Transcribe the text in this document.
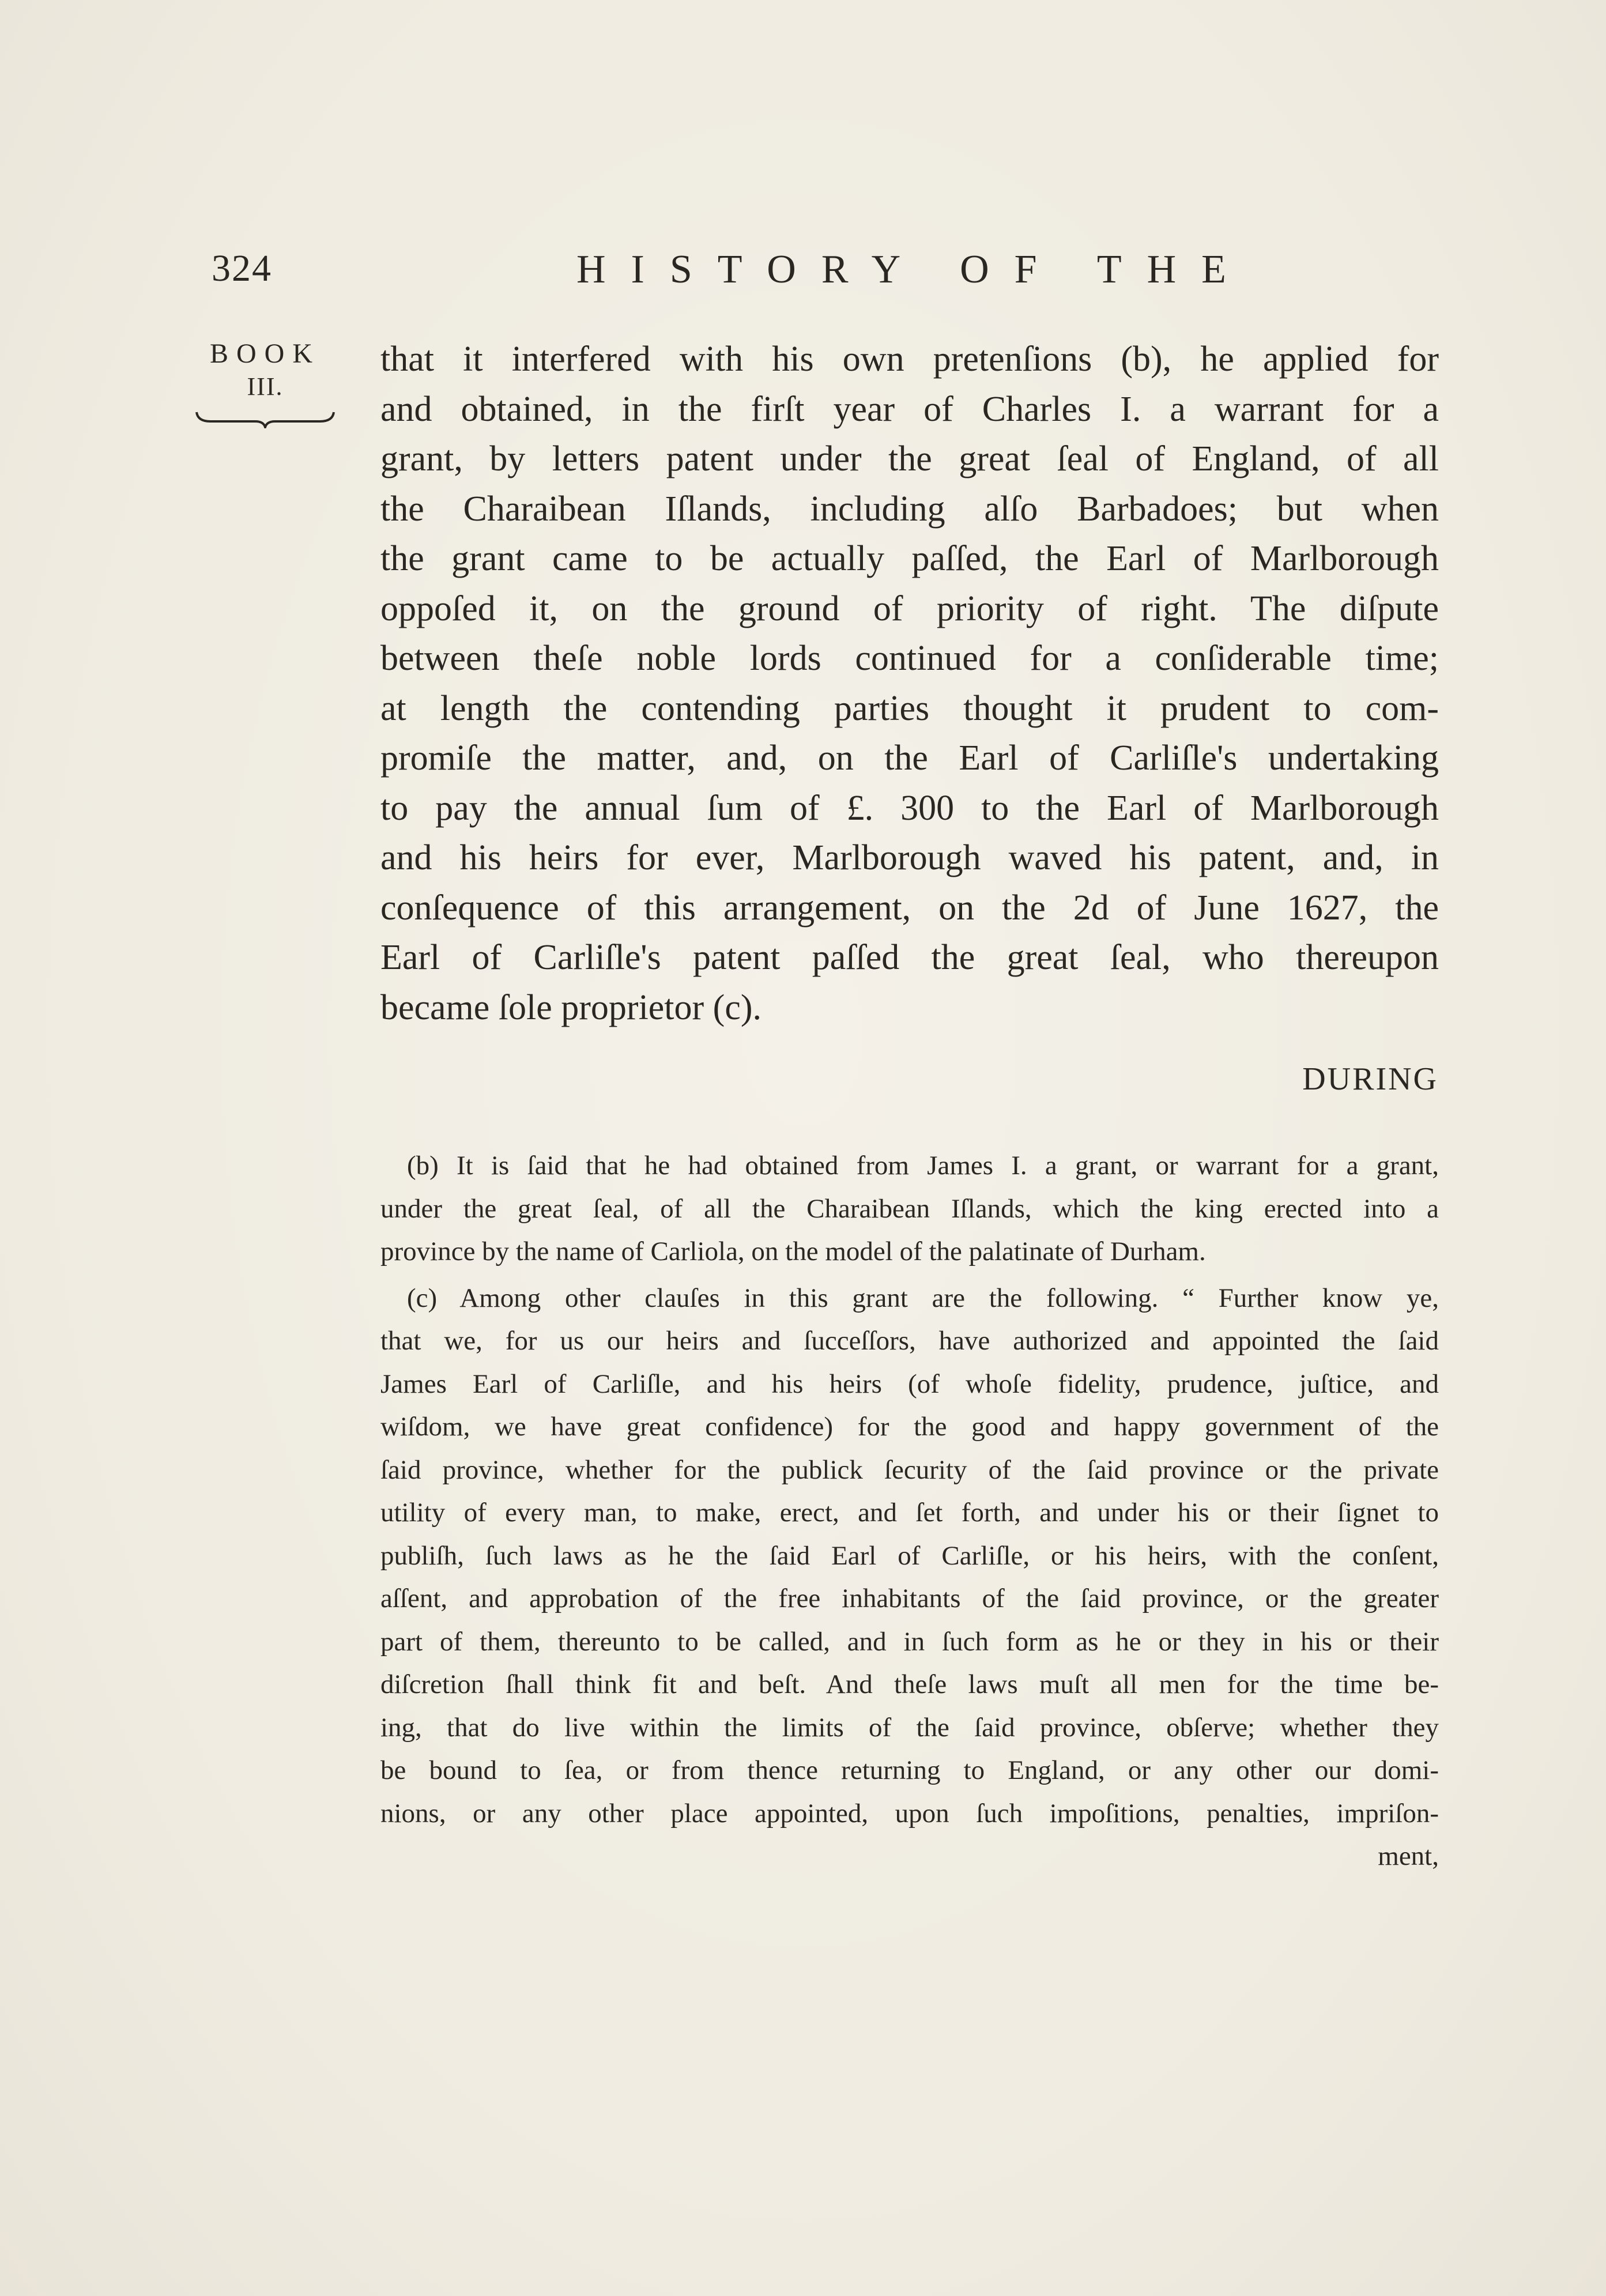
324	HISTORY OF THE
BOOK
III.
that it interfered with his own pretenſions (b), he applied for
and obtained, in the firſt year of Charles I. a warrant for a
grant, by letters patent under the great ſeal of England, of all
the Charaibean Iſlands, including alſo Barbadoes; but when
the grant came to be actually paſſed, the Earl of Marlborough
oppoſed it, on the ground of priority of right. The diſpute
between theſe noble lords continued for a conſiderable time;
at length the contending parties thought it prudent to com-
promiſe the matter, and, on the Earl of Carliſle's undertaking
to pay the annual ſum of £. 300 to the Earl of Marlborough
and his heirs for ever, Marlborough waved his patent, and, in
conſequence of this arrangement, on the 2d of June 1627, the
Earl of Carliſle's patent paſſed the great ſeal, who thereupon
became ſole proprietor (c).
DURING
(b) It is ſaid that he had obtained from James I. a grant, or warrant for a grant,
under the great ſeal, of all the Charaibean Iſlands, which the king erected into a
province by the name of Carliola, on the model of the palatinate of Durham.
(c) Among other clauſes in this grant are the following. “ Further know ye,
that we, for us our heirs and ſucceſſors, have authorized and appointed the ſaid
James Earl of Carliſle, and his heirs (of whoſe fidelity, prudence, juſtice, and
wiſdom, we have great confidence) for the good and happy government of the
ſaid province, whether for the publick ſecurity of the ſaid province or the private
utility of every man, to make, erect, and ſet forth, and under his or their ſignet to
publiſh, ſuch laws as he the ſaid Earl of Carliſle, or his heirs, with the conſent,
aſſent, and approbation of the free inhabitants of the ſaid province, or the greater
part of them, thereunto to be called, and in ſuch form as he or they in his or their
diſcretion ſhall think fit and beſt. And theſe laws muſt all men for the time be-
ing, that do live within the limits of the ſaid province, obſerve; whether they
be bound to ſea, or from thence returning to England, or any other our domi-
nions, or any other place appointed, upon ſuch impoſitions, penalties, impriſon-
ment,
